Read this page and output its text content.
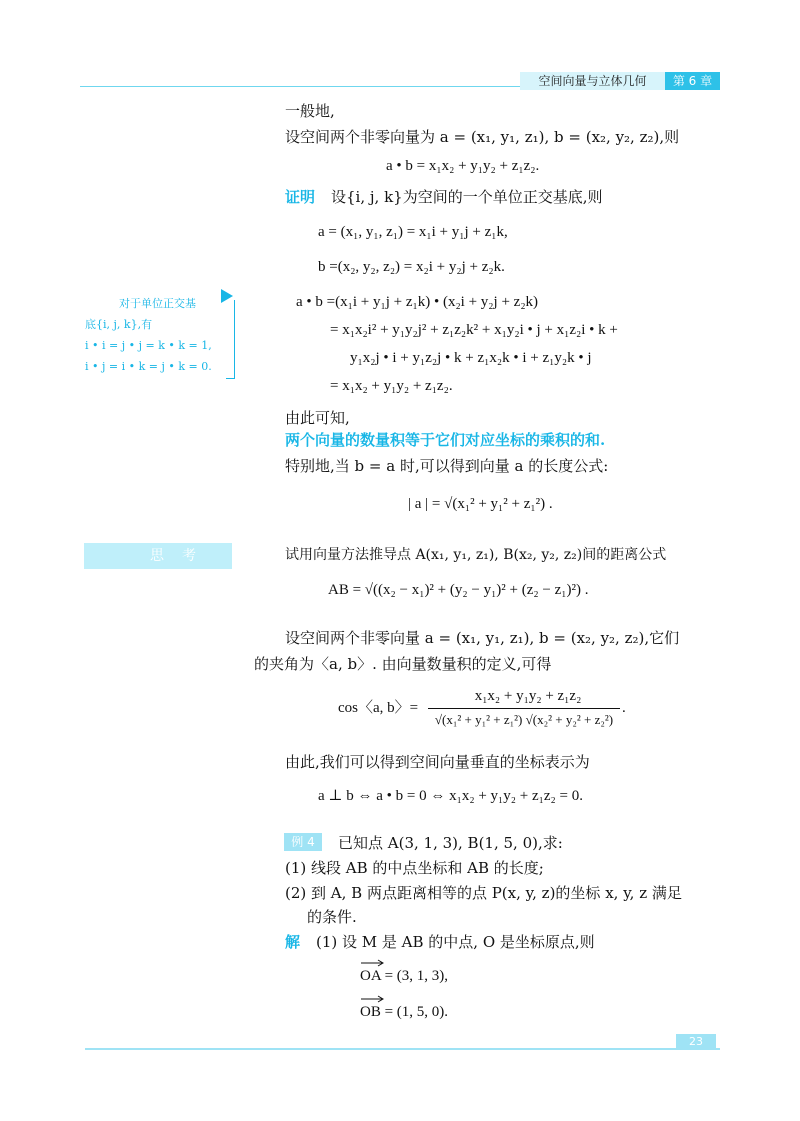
空间向量与立体几何	第 6 章
一般地,
设空间两个非零向量为 a = (x₁, y₁, z₁), b = (x₂, y₂, z₂),则
a • b = x₁x₂ + y₁y₂ + z₁z₂.
证明 设{i, j, k}为空间的一个单位正交基底,则
a = (x₁, y₁, z₁) = x₁i + y₁j + z₁k,
b =(x₂, y₂, z₂) = x₂i + y₂j + z₂k.
a • b =(x₁i + y₁j + z₁k) • (x₂i + y₂j + z₂k)
= x₁x₂i² + y₁y₂j² + z₁z₂k² + x₁y₂i • j + x₁z₂i • k +
y₁x₂j • i + y₁z₂j • k + z₁x₂k • i + z₁y₂k • j
= x₁x₂ + y₁y₂ + z₁z₂.
由此可知,
两个向量的数量积等于它们对应坐标的乘积的和.
特别地,当 b = a 时,可以得到向量 a 的长度公式:
| a | = √(x₁² + y₁² + z₁²) .
对于单位正交基
底{i, j, k},有
i • i = j • j = k • k = 1,
i • j = i • k = j • k = 0.
思考	试用向量方法推导点 A(x₁, y₁, z₁), B(x₂, y₂, z₂)间的距离公式
AB = √((x₂ − x₁)² + (y₂ − y₁)² + (z₂ − z₁)²) .
设空间两个非零向量 a = (x₁, y₁, z₁), b = (x₂, y₂, z₂),它们
的夹角为〈a, b〉. 由向量数量积的定义,可得
cos〈a, b〉=
x₁x₂ + y₁y₂ + z₁z₂
√(x₁² + y₁² + z₁²) √(x₂² + y₂² + z₂²)
.
由此,我们可以得到空间向量垂直的坐标表示为
a ⊥ b ⇔ a • b = 0 ⇔ x₁x₂ + y₁y₂ + z₁z₂ = 0.
例 4	已知点 A(3, 1, 3), B(1, 5, 0),求:
(1) 线段 AB 的中点坐标和 AB 的长度;
(2) 到 A, B 两点距离相等的点 P(x, y, z)的坐标 x, y, z 满足
的条件.
解 (1) 设 M 是 AB 的中点, O 是坐标原点,则
OA = (3, 1, 3),
OB = (1, 5, 0).
23
